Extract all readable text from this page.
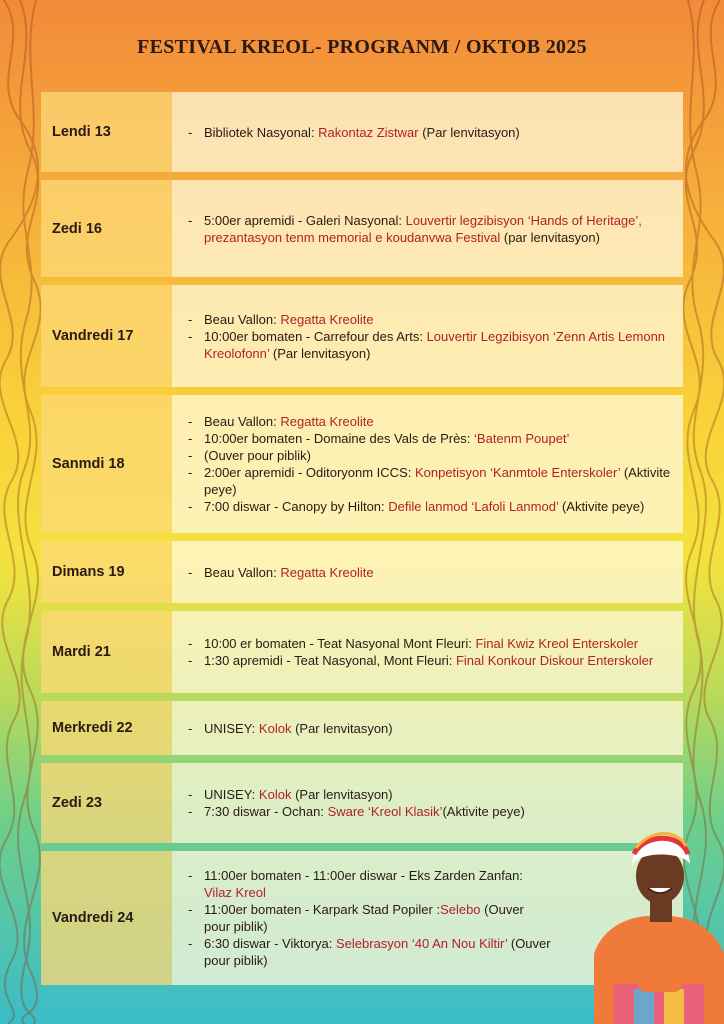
FESTIVAL KREOL- PROGRANM / OKTOB 2025
Lendi 13	- Bibliotek Nasyonal: Rakontaz Zistwar (Par lenvitasyon)
Zedi 16
- 5:00er apremidi - Galeri Nasyonal: Louvertir legzibisyon ‘Hands of Heritage’, prezantasyon tenm memorial e koudanvwa Festival (par lenvitasyon)
Vandredi 17
- Beau Vallon: Regatta Kreolite
- 10:00er bomaten - Carrefour des Arts: Louvertir Legzibisyon ‘Zenn Artis Lemonn Kreolofonn’ (Par lenvitasyon)
Sanmdi 18
- Beau Vallon: Regatta Kreolite
- 10:00er bomaten - Domaine des Vals de Près: ‘Batenm Poupet’
- (Ouver pour piblik)
- 2:00er apremidi - Oditoryonm ICCS: Konpetisyon ‘Kanmtole Enterskoler’ (Aktivite peye)
- 7:00 diswar - Canopy by Hilton: Defile lanmod ‘Lafoli Lanmod’ (Aktivite peye)
Dimans 19	- Beau Vallon: Regatta Kreolite
Mardi 21
- 10:00 er bomaten - Teat Nasyonal Mont Fleuri: Final Kwiz Kreol Enterskoler
- 1:30 apremidi - Teat Nasyonal, Mont Fleuri: Final Konkour Diskour Enterskoler
Merkredi 22	- UNISEY: Kolok (Par lenvitasyon)
Zedi 23
- UNISEY: Kolok (Par lenvitasyon)
- 7:30 diswar - Ochan: Sware ‘Kreol Klasik’(Aktivite peye)
Vandredi 24
- 11:00er bomaten - 11:00er diswar - Eks Zarden Zanfan: Vilaz Kreol
- 11:00er bomaten - Karpark Stad Popiler :Selebo (Ouver pour piblik)
- 6:30 diswar - Viktorya: Selebrasyon ‘40 An Nou Kiltir’ (Ouver pour piblik)
